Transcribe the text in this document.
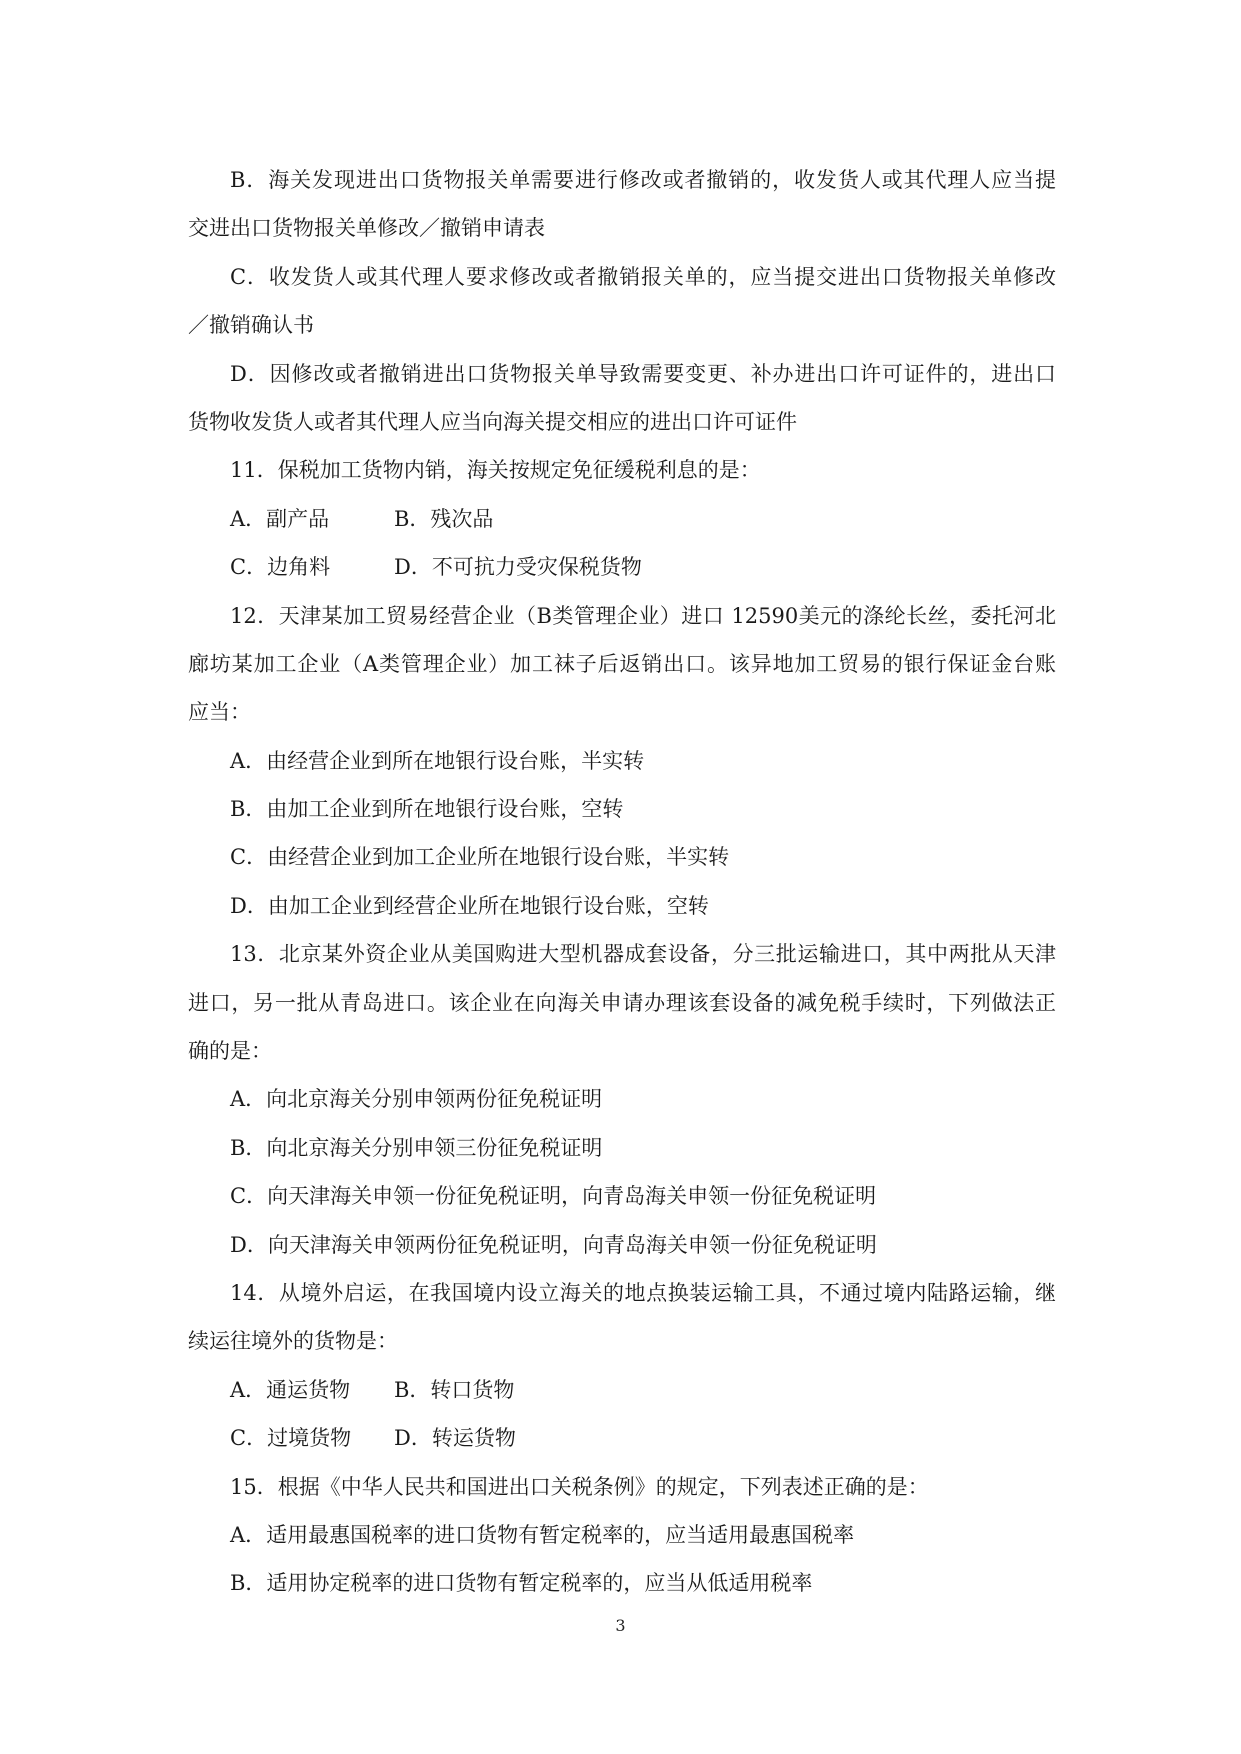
B．海关发现进出口货物报关单需要进行修改或者撤销的，收发货人或其代理人应当提
交进出口货物报关单修改／撤销申请表
C．收发货人或其代理人要求修改或者撤销报关单的，应当提交进出口货物报关单修改
／撤销确认书
D．因修改或者撤销进出口货物报关单导致需要变更、补办进出口许可证件的，进出口
货物收发货人或者其代理人应当向海关提交相应的进出口许可证件
11．保税加工货物内销，海关按规定免征缓税利息的是：
A．副产品	B．残次品
C．边角料	D．不可抗力受灾保税货物
12．天津某加工贸易经营企业（B类管理企业）进口 12590美元的涤纶长丝，委托河北
廊坊某加工企业（A类管理企业）加工袜子后返销出口。该异地加工贸易的银行保证金台账
应当：
A．由经营企业到所在地银行设台账，半实转
B．由加工企业到所在地银行设台账，空转
C．由经营企业到加工企业所在地银行设台账，半实转
D．由加工企业到经营企业所在地银行设台账，空转
13．北京某外资企业从美国购进大型机器成套设备，分三批运输进口，其中两批从天津
进口，另一批从青岛进口。该企业在向海关申请办理该套设备的减免税手续时，下列做法正
确的是：
A．向北京海关分别申领两份征免税证明
B．向北京海关分别申领三份征免税证明
C．向天津海关申领一份征免税证明，向青岛海关申领一份征免税证明
D．向天津海关申领两份征免税证明，向青岛海关申领一份征免税证明
14．从境外启运，在我国境内设立海关的地点换装运输工具，不通过境内陆路运输，继
续运往境外的货物是：
A．通运货物 B．转口货物
C．过境货物 D．转运货物
15．根据《中华人民共和国进出口关税条例》的规定，下列表述正确的是：
A．适用最惠国税率的进口货物有暂定税率的，应当适用最惠国税率
B．适用协定税率的进口货物有暂定税率的，应当从低适用税率
3
